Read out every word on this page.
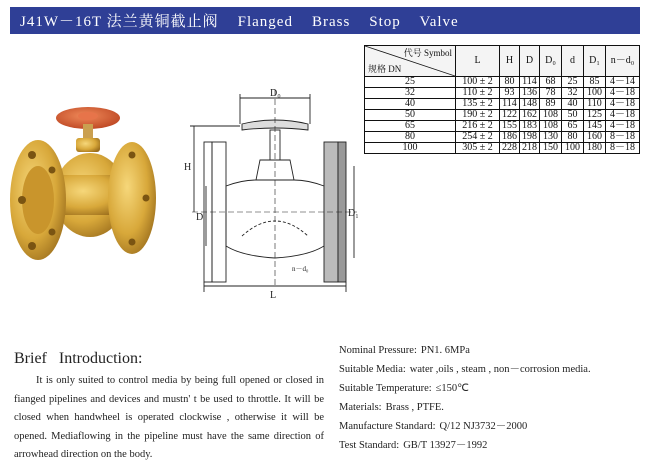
J41W－16T 法兰黄铜截止阀    Flanged    Brass    Stop    Valve
D₀
H
D	D₁
L
n－d₀
代号 Symbol
规格 DN	L	H	D	D₀	d	D₁	n－d₀
25	100 ± 2	80	114	68	25	85	4－14
32	110 ± 2	93	136	78	32	100	4－18
40	135 ± 2	114	148	89	40	110	4－18
50	190 ± 2	122	162	108	50	125	4－18
65	216 ± 2	155	183	108	65	145	4－18
80	254 ± 2	186	198	130	80	160	8－18
100	305 ± 2	228	218	150	100	180	8－18
Brief   Introduction:

It is only suited to control media by being full opened or closed in fianged pipelines and devices and mustn' t be used to throttle. It will be closed when handwheel is operated clockwise , otherwise it will be opened. Mediaflowing in the pipeline must have the same direction of arrowhead direction on the body.

Nominal Pressure: PN1. 6MPa
Suitable Media: water ,oils , steam , non－corrosion media.
Suitable Temperature: ≤150℃
Materials: Brass , PTFE.
Manufacture Standard: Q/12 NJ3732－2000
Test Standard: GB/T 13927－1992
